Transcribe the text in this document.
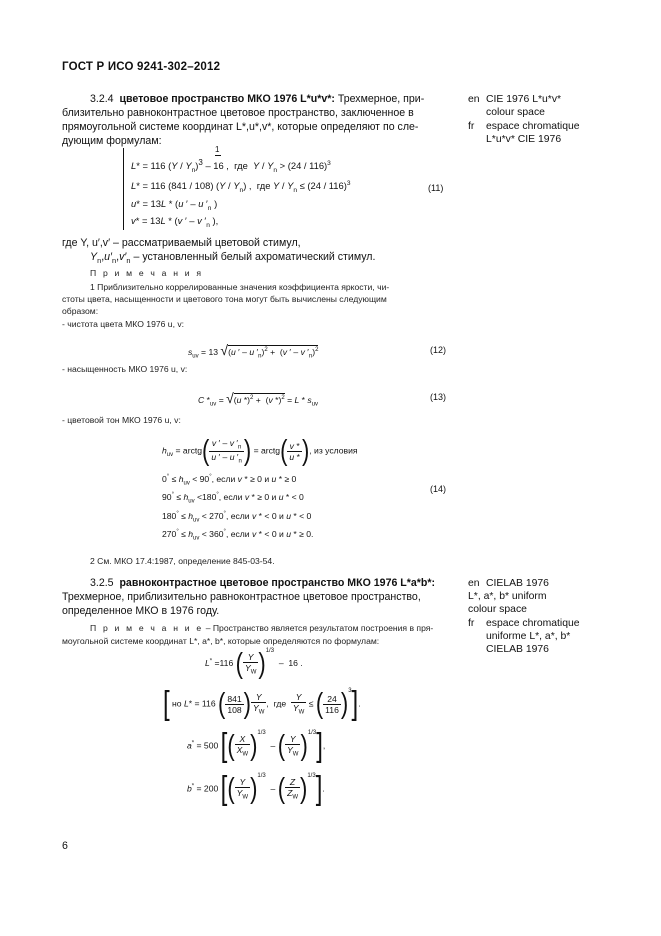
ГОСТ Р ИСО 9241-302–2012
3.2.4 цветовое пространство МКО 1976 L*u*v*: Трехмерное, при-
близительно равноконтрастное цветовое пространство, заключенное в
прямоугольной системе координат L*,u*,v*, которые определяют по сле-
дующим формулам:
1
L* = 116 $(Y / Y_n)^3 - 16$ ,  где  $Y / Y_n > (24 / 116)^3$
L* = 116 (841 / 108) $(Y / Y_n)$ ,  где $Y / Y_n \le (24 / 116)^3$
u* = 13L * (u ′ – u $'_n$ )
v* = 13L * (v ′ – v $'_n$ ),
(11)
где Y, u′,v′ – рассматриваемый цветовой стимул,
$Y_n,u'_n,v'_n$ – установленный белый ахроматический стимул.
П р и м е ч а н и я
1 Приблизительно коррелированные значения коэффициента яркости, чи-
стоты цвета, насыщенности и цветового тона могут быть вычислены следующим
образом:
- чистота цвета МКО 1976 u, v:
$s_{uv} = 13$ √(u ′ – u $'_n)^2 + (v$ ′ – v $'_n)^2$	(12)
- насыщенность МКО 1976 u, v:
C $*_{uv} = √(u$ *)$^2$ +  (v $*)^2 = L * s_{uv}$
(13)
- цветовой тон МКО 1976 u, v:
$h_{uv}$ = arctg( $\frac{v ' - v '_n}{u ' - u '_n}$ ) = arctg( $\frac{v *}{u *}$ ), из условия
$0^\circ \le h_{uv} < 90^\circ$, если v * ≥ 0 и u * ≥ 0
$90^\circ \le h_{uv} <180^\circ$, если v * ≥ 0 и u * < 0
$180^\circ \le h_{uv} < 270^\circ$, если v * < 0 и u * < 0
$270^\circ \le h_{uv} < 360^\circ$, если v * < 0 и u * ≥ 0.
(14)
2 См. МКО 17.4:1987, определение 845-03-54.
en CIE 1976 L*u*v*
colour space
fr espace chromatique
L*u*v* CIE 1976
3.2.5 равноконтрастное цветовое пространство МКО 1976 L*a*b*:
Трехмерное, приблизительно равноконтрастное цветовое пространство,
определенное МКО в 1976 году.
П р и м е ч а н и е – Пространство является результатом построения в пря-
моугольной системе координат L*, a*, b*, которые определяются по формулам:
L* =116 ( $\frac{Y}{Y_W} )^{1/3} - 16$ .
[ но L* = 116 ( $\frac{841}{108}$ ) $\frac{Y}{Y_W}$ ,  где $\frac{Y}{Y_W}$ ≤ ( $\frac{24}{116} )^3$].
a* = 500 [( $\frac{X}{X_W} )^{1/3}$  – ( $\frac{Y}{Y_W} )^{1/3}$],
b* = 200 [( $\frac{Y}{Y_W} )^{1/3}$  – ( $\frac{Z}{Z_W} )^{1/3}$].
en CIELAB 1976
L*, a*, b* uniform
colour space
fr espace chromatique
uniforme L*, a*, b*
CIELAB 1976
6
